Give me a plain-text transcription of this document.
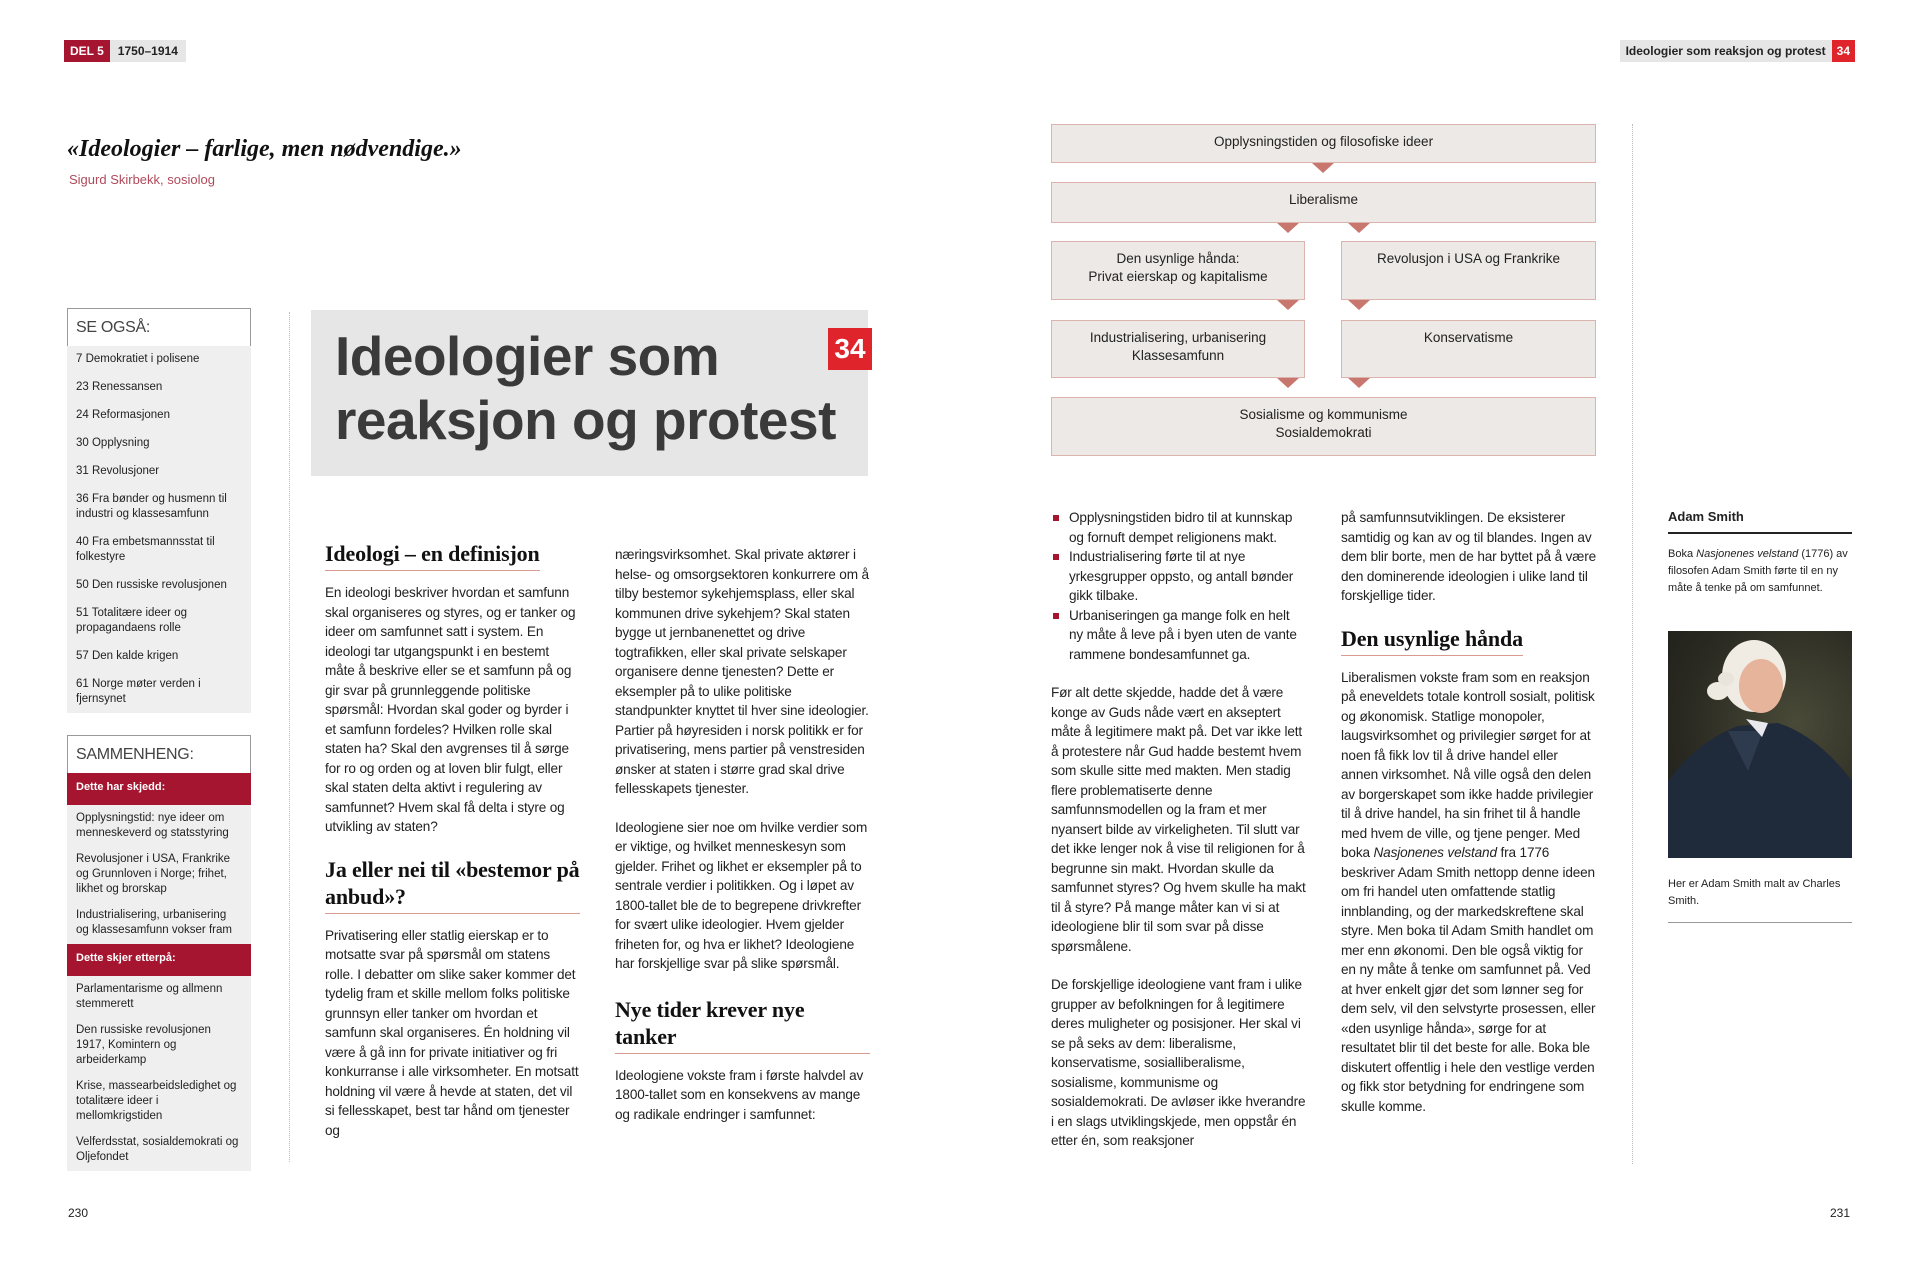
DEL 5	1750–1914	Ideologier som reaksjon og protest 34
«Ideologier – farlige, men nødvendige.»
Sigurd Skirbekk, sosiolog
SE OGSÅ:
7 Demokratiet i polisene
23 Renessansen
24 Reformasjonen
30 Opplysning
31 Revolusjoner
36 Fra bønder og husmenn til industri og klassesamfunn
40 Fra embetsmannsstat til folkestyre
50 Den russiske revolusjonen
51 Totalitære ideer og propagandaens rolle
57 Den kalde krigen
61 Norge møter verden i fjernsynet
SAMMENHENG:
Dette har skjedd:
Opplysningstid: nye ideer om menneskeverd og statsstyring
Revolusjoner i USA, Frankrike og Grunnloven i Norge; frihet, likhet og brorskap
Industrialisering, urbanisering og klassesamfunn vokser fram
Dette skjer etterpå:
Parlamentarisme og allmenn stemmerett
Den russiske revolusjonen 1917, Komintern og arbeiderkamp
Krise, massearbeidsledighet og totalitære ideer i mellomkrigstiden
Velferdsstat, sosialdemokrati og Oljefondet
Ideologier som
reaksjon og protest
34
Ideologi – en definisjon

En ideologi beskriver hvordan et samfunn skal organiseres og styres, og er tanker og ideer om samfunnet satt i system. En ideologi tar utgangspunkt i en bestemt måte å beskrive eller se et samfunn på og gir svar på grunnleggende politiske spørsmål: Hvordan skal goder og byrder i et samfunn fordeles? Hvilken rolle skal staten ha? Skal den avgrenses til å sørge for ro og orden og at loven blir fulgt, eller skal staten delta aktivt i regulering av samfunnet? Hvem skal få delta i styre og utvikling av staten?

Ja eller nei til «bestemor på anbud»?

Privatisering eller statlig eierskap er to motsatte svar på spørsmål om statens rolle. I debatter om slike saker kommer det tydelig fram et skille mellom folks politiske grunnsyn eller tanker om hvordan et samfunn skal organiseres. Én holdning vil være å gå inn for private initiativer og fri konkurranse i alle virksomheter. En motsatt holdning vil være å hevde at staten, det vil si fellesskapet, best tar hånd om tjenester og

næringsvirksomhet. Skal private aktører i helse- og omsorgsektoren konkurrere om å tilby bestemor sykehjemsplass, eller skal kommunen drive sykehjem? Skal staten bygge ut jernbanenettet og drive togtrafikken, eller skal private selskaper organisere denne tjenesten? Dette er eksempler på to ulike politiske standpunkter knyttet til hver sine ideologier. Partier på høyresiden i norsk politikk er for privatisering, mens partier på venstresiden ønsker at staten i større grad skal drive fellesskapets tjenester.

Ideologiene sier noe om hvilke verdier som er viktige, og hvilket menneskesyn som gjelder. Frihet og likhet er eksempler på to sentrale verdier i politikken. Og i løpet av 1800-tallet ble de to begrepene drivkrefter for svært ulike ideologier. Hvem gjelder friheten for, og hva er likhet? Ideologiene har forskjellige svar på slike spørsmål.

Nye tider krever nye tanker

Ideologiene vokste fram i første halvdel av 1800-tallet som en konsekvens av mange og radikale endringer i samfunnet:

Opplysningstiden og filosofiske ideer
Liberalisme
Den usynlige hånda:
Privat eierskap og kapitalisme
Revolusjon i USA og Frankrike
Industrialisering, urbanisering
Klassesamfunn
Konservatisme
Sosialisme og kommunisme
Sosialdemokrati
Opplysningstiden bidro til at kunnskap og fornuft dempet religionens makt.
Industrialisering førte til at nye yrkesgrupper oppsto, og antall bønder gikk tilbake.
Urbaniseringen ga mange folk en helt ny måte å leve på i byen uten de vante rammene bondesamfunnet ga.

Før alt dette skjedde, hadde det å være konge av Guds nåde vært en akseptert måte å legitimere makt på. Det var ikke lett å protestere når Gud hadde bestemt hvem som skulle sitte med makten. Men stadig flere problematiserte denne samfunnsmodellen og la fram et mer nyansert bilde av virkeligheten. Til slutt var det ikke lenger nok å vise til religionen for å begrunne sin makt. Hvordan skulle da samfunnet styres? Og hvem skulle ha makt til å styre? På mange måter kan vi si at ideologiene blir til som svar på disse spørsmålene.

De forskjellige ideologiene vant fram i ulike grupper av befolkningen for å legitimere deres muligheter og posisjoner. Her skal vi se på seks av dem: liberalisme, konservatisme, sosialliberalisme, sosialisme, kommunisme og sosialdemokrati. De avløser ikke hverandre i en slags utviklingskjede, men oppstår én etter én, som reaksjoner

på samfunnsutviklingen. De eksisterer samtidig og kan av og til blandes. Ingen av dem blir borte, men de har byttet på å være den dominerende ideologien i ulike land til forskjellige tider.

Den usynlige hånda

Liberalismen vokste fram som en reaksjon på eneveldets totale kontroll sosialt, politisk og økonomisk. Statlige monopoler, laugsvirksomhet og privilegier sørget for at noen få fikk lov til å drive handel eller annen virksomhet. Nå ville også den delen av borgerskapet som ikke hadde privilegier til å drive handel, ha sin frihet til å handle med hvem de ville, og tjene penger. Med boka Nasjonenes velstand fra 1776 beskriver Adam Smith nettopp denne ideen om fri handel uten omfattende statlig innblanding, og der markedskreftene skal styre. Men boka til Adam Smith handlet om mer enn økonomi. Den ble også viktig for en ny måte å tenke om samfunnet på. Ved at hver enkelt gjør det som lønner seg for dem selv, vil den selvstyrte prosessen, eller «den usynlige hånda», sørge for at resultatet blir til det beste for alle. Boka ble diskutert offentlig i hele den vestlige verden og fikk stor betydning for endringene som skulle komme.

Adam Smith
Boka Nasjonenes velstand (1776) av filosofen Adam Smith førte til en ny måte å tenke på om samfunnet.
Her er Adam Smith malt av Charles Smith.
230	231
